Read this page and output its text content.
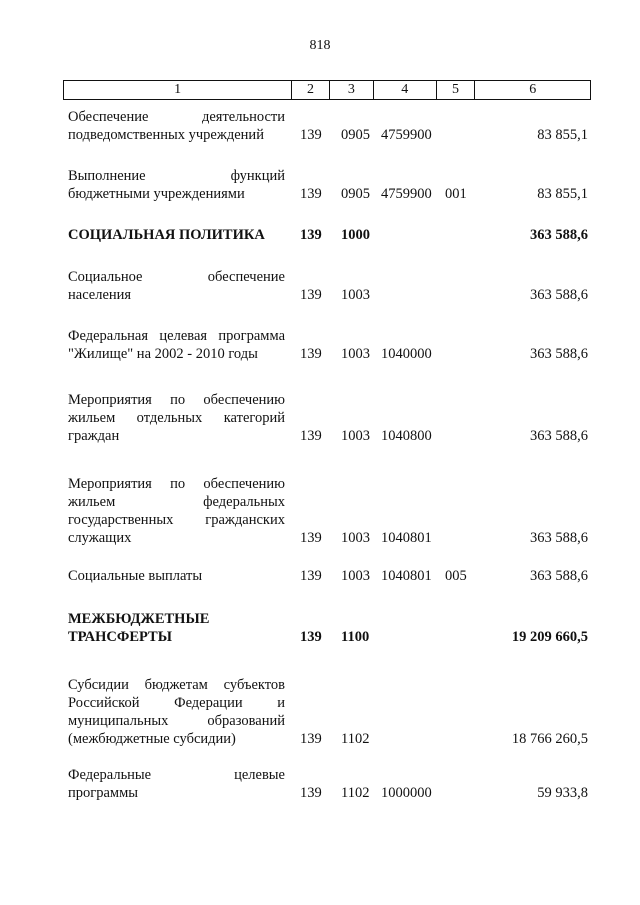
818
1	2	3	4	5	6
Обеспечение деятельности
подведомственных учреждений	139 0905 4759900	83 855,1
Выполнение функций
бюджетными учреждениями	139 0905 4759900 001	83 855,1
СОЦИАЛЬНАЯ ПОЛИТИКА	139 1000	363 588,6
Социальное обеспечение
населения	139 1003	363 588,6
Федеральная целевая программа
"Жилище" на 2002 - 2010 годы	139 1003 1040000	363 588,6
Мероприятия по обеспечению
жильем отдельных категорий
граждан	139 1003 1040800	363 588,6
Мероприятия по обеспечению
жильем федеральных
государственных гражданских
служащих	139 1003 1040801	363 588,6
Социальные выплаты	139 1003 1040801 005	363 588,6
МЕЖБЮДЖЕТНЫЕ
ТРАНСФЕРТЫ	139 1100	19 209 660,5
Субсидии бюджетам субъектов
Российской Федерации и
муниципальных образований
(межбюджетные субсидии)	139 1102	18 766 260,5
Федеральные целевые
программы	139 1102 1000000	59 933,8
